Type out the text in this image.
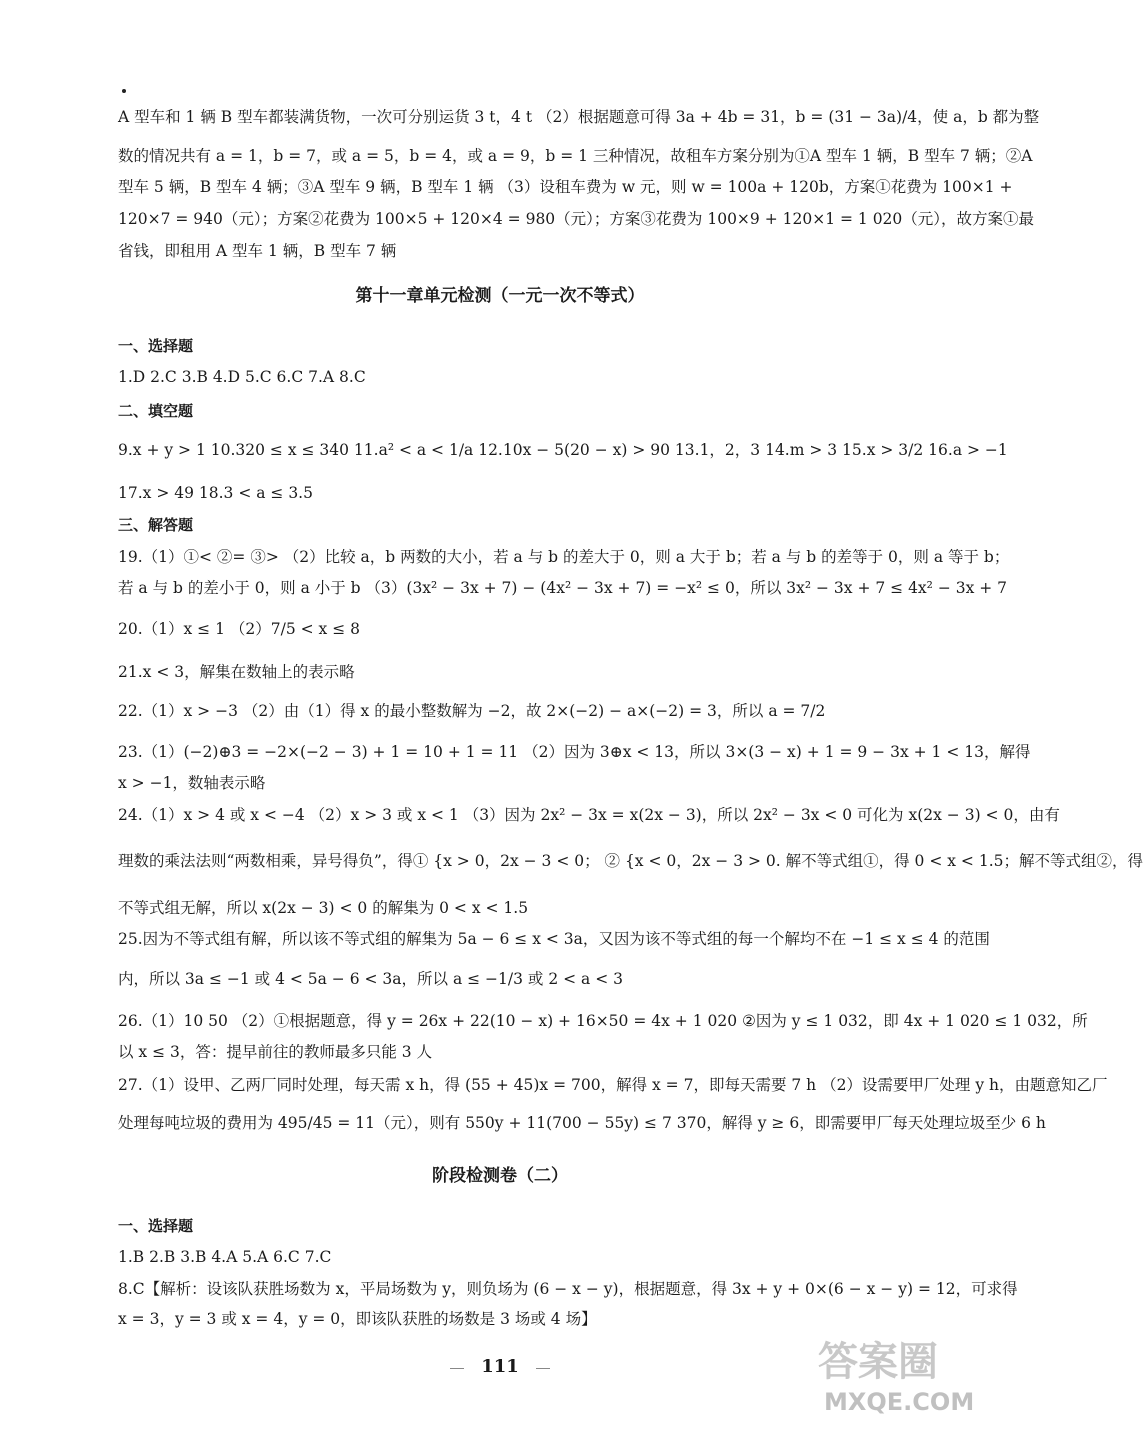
A 型车和 1 辆 B 型车都装满货物，一次可分别运货 3 t，4 t （2）根据题意可得 3a + 4b = 31，b = (31 − 3a)/4，使 a，b 都为整
数的情况共有 a = 1，b = 7，或 a = 5，b = 4，或 a = 9，b = 1 三种情况，故租车方案分别为①A 型车 1 辆，B 型车 7 辆；②A
型车 5 辆，B 型车 4 辆；③A 型车 9 辆，B 型车 1 辆 （3）设租车费为 w 元，则 w = 100a + 120b，方案①花费为 100×1 +
120×7 = 940（元）；方案②花费为 100×5 + 120×4 = 980（元）；方案③花费为 100×9 + 120×1 = 1 020（元），故方案①最
省钱，即租用 A 型车 1 辆，B 型车 7 辆
第十一章单元检测（一元一次不等式）
一、选择题
1.D 2.C 3.B 4.D 5.C 6.C 7.A 8.C
二、填空题
9.x + y > 1 10.320 ≤ x ≤ 340 11.a² < a < 1/a 12.10x − 5(20 − x) > 90 13.1，2，3 14.m > 3 15.x > 3/2 16.a > −1
17.x > 49 18.3 < a ≤ 3.5
三、解答题
19.（1）①< ②= ③> （2）比较 a，b 两数的大小，若 a 与 b 的差大于 0，则 a 大于 b；若 a 与 b 的差等于 0，则 a 等于 b；
若 a 与 b 的差小于 0，则 a 小于 b （3）(3x² − 3x + 7) − (4x² − 3x + 7) = −x² ≤ 0，所以 3x² − 3x + 7 ≤ 4x² − 3x + 7
20.（1）x ≤ 1 （2）7/5 < x ≤ 8
21.x < 3，解集在数轴上的表示略
22.（1）x > −3 （2）由（1）得 x 的最小整数解为 −2，故 2×(−2) − a×(−2) = 3，所以 a = 7/2
23.（1）(−2)⊕3 = −2×(−2 − 3) + 1 = 10 + 1 = 11 （2）因为 3⊕x < 13，所以 3×(3 − x) + 1 = 9 − 3x + 1 < 13，解得
x > −1，数轴表示略
24.（1）x > 4 或 x < −4 （2）x > 3 或 x < 1 （3）因为 2x² − 3x = x(2x − 3)，所以 2x² − 3x < 0 可化为 x(2x − 3) < 0，由有
理数的乘法法则“两数相乘，异号得负”，得① {x > 0，2x − 3 < 0； ② {x < 0，2x − 3 > 0. 解不等式组①，得 0 < x < 1.5；解不等式组②，得
不等式组无解，所以 x(2x − 3) < 0 的解集为 0 < x < 1.5
25.因为不等式组有解，所以该不等式组的解集为 5a − 6 ≤ x < 3a，又因为该不等式组的每一个解均不在 −1 ≤ x ≤ 4 的范围
内，所以 3a ≤ −1 或 4 < 5a − 6 < 3a，所以 a ≤ −1/3 或 2 < a < 3
26.（1）10 50 （2）①根据题意，得 y = 26x + 22(10 − x) + 16×50 = 4x + 1 020 ②因为 y ≤ 1 032，即 4x + 1 020 ≤ 1 032，所
以 x ≤ 3，答：提早前往的教师最多只能 3 人
27.（1）设甲、乙两厂同时处理，每天需 x h，得 (55 + 45)x = 700，解得 x = 7，即每天需要 7 h （2）设需要甲厂处理 y h，由题意知乙厂
处理每吨垃圾的费用为 495/45 = 11（元），则有 550y + 11(700 − 55y) ≤ 7 370，解得 y ≥ 6，即需要甲厂每天处理垃圾至少 6 h
阶段检测卷（二）
一、选择题
1.B 2.B 3.B 4.A 5.A 6.C 7.C
8.C【解析：设该队获胜场数为 x，平局场数为 y，则负场为 (6 − x − y)，根据题意，得 3x + y + 0×(6 − x − y) = 12，可求得
x = 3，y = 3 或 x = 4，y = 0，即该队获胜的场数是 3 场或 4 场】
111	答案圈
MXQE.COM
